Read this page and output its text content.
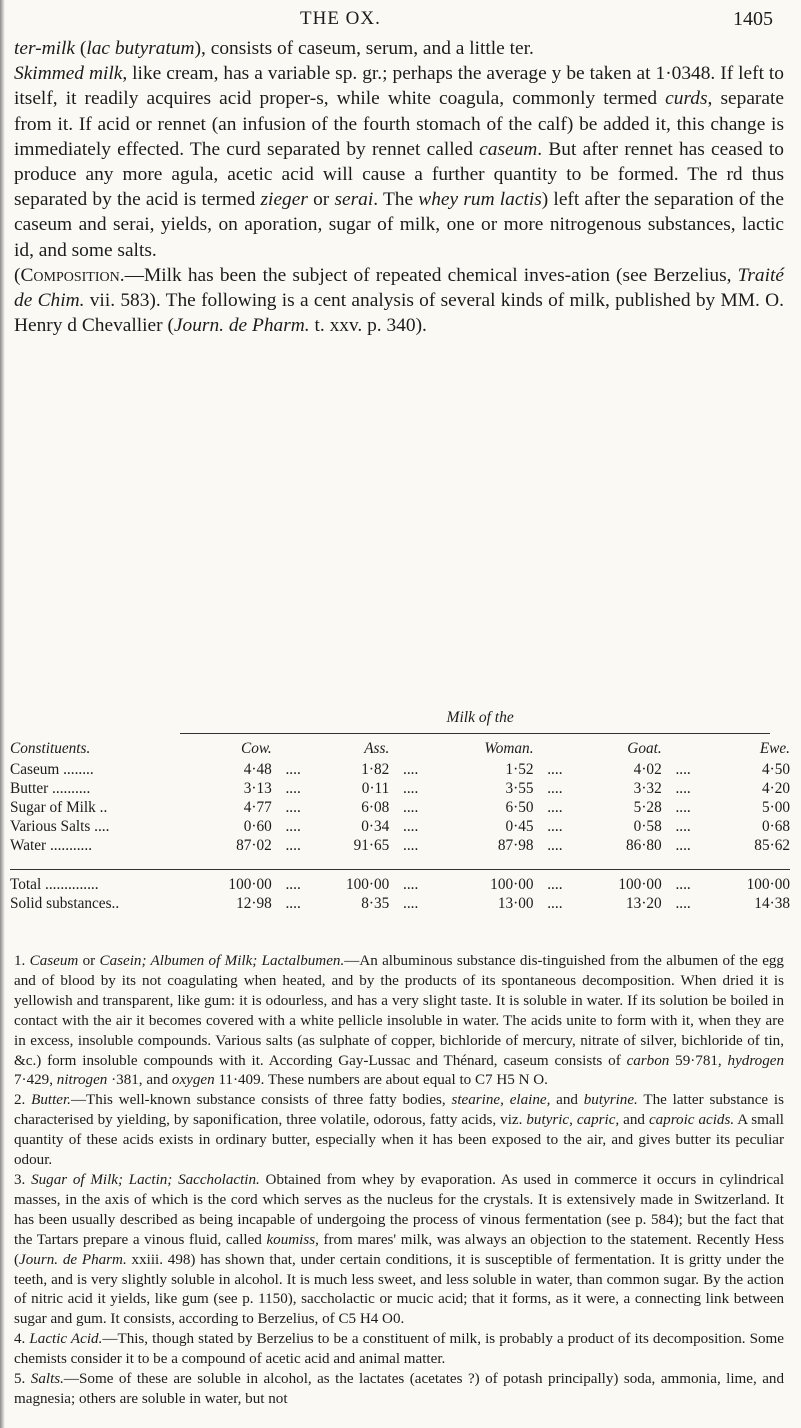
THE OX.	1405

ter-milk (lac butyratum), consists of caseum, serum, and a little ter.

Skimmed milk, like cream, has a variable sp. gr.; perhaps the average y be taken at 1·0348. If left to itself, it readily acquires acid proper-s, while white coagula, commonly termed curds, separate from it. If acid or rennet (an infusion of the fourth stomach of the calf) be added it, this change is immediately effected. The curd separated by rennet called caseum. But after rennet has ceased to produce any more agula, acetic acid will cause a further quantity to be formed. The rd thus separated by the acid is termed zieger or serai. The whey rum lactis) left after the separation of the caseum and serai, yields, on aporation, sugar of milk, one or more nitrogenous substances, lactic id, and some salts.

(Composition.—Milk has been the subject of repeated chemical inves-ation (see Berzelius, Traité de Chim. vii. 583). The following is a cent analysis of several kinds of milk, published by MM. O. Henry d Chevallier (Journ. de Pharm. t. xxv. p. 340).

	Milk of the								

Constituents.	Cow.		Ass.		Woman.		Goat.		Ewe.
Caseum ........	4·48	....	1·82	....	1·52	....	4·02	....	4·50
Butter ..........	3·13	....	0·11	....	3·55	....	3·32	....	4·20
Sugar of Milk ..	4·77	....	6·08	....	6·50	....	5·28	....	5·00
Various Salts ....	0·60	....	0·34	....	0·45	....	0·58	....	0·68
Water ...........	87·02	....	91·65	....	87·98	....	86·80	....	85·62

Total ..............	100·00	....	100·00	....	100·00	....	100·00	....	100·00
Solid substances..	12·98	....	8·35	....	13·00	....	13·20	....	14·38

1. Caseum or Casein; Albumen of Milk; Lactalbumen.—An albuminous substance dis-tinguished from the albumen of the egg and of blood by its not coagulating when heated, and by the products of its spontaneous decomposition. When dried it is yellowish and transparent, like gum: it is odourless, and has a very slight taste. It is soluble in water. If its solution be boiled in contact with the air it becomes covered with a white pellicle insoluble in water. The acids unite to form with it, when they are in excess, insoluble compounds. Various salts (as sulphate of copper, bichloride of mercury, nitrate of silver, bichloride of tin, &c.) form insoluble compounds with it. According Gay-Lussac and Thénard, caseum consists of carbon 59·781, hydrogen 7·429, nitrogen ·381, and oxygen 11·409. These numbers are about equal to C7 H5 N O.

2. Butter.—This well-known substance consists of three fatty bodies, stearine, elaine, and butyrine. The latter substance is characterised by yielding, by saponification, three volatile, odorous, fatty acids, viz. butyric, capric, and caproic acids. A small quantity of these acids exists in ordinary butter, especially when it has been exposed to the air, and gives butter its peculiar odour.

3. Sugar of Milk; Lactin; Saccholactin. Obtained from whey by evaporation. As used in commerce it occurs in cylindrical masses, in the axis of which is the cord which serves as the nucleus for the crystals. It is extensively made in Switzerland. It has been usually described as being incapable of undergoing the process of vinous fermentation (see p. 584); but the fact that the Tartars prepare a vinous fluid, called koumiss, from mares' milk, was always an objection to the statement. Recently Hess (Journ. de Pharm. xxiii. 498) has shown that, under certain conditions, it is susceptible of fermentation. It is gritty under the teeth, and is very slightly soluble in alcohol. It is much less sweet, and less soluble in water, than common sugar. By the action of nitric acid it yields, like gum (see p. 1150), saccholactic or mucic acid; that it forms, as it were, a connecting link between sugar and gum. It consists, according to Berzelius, of C5 H4 O0.

4. Lactic Acid.—This, though stated by Berzelius to be a constituent of milk, is probably a product of its decomposition. Some chemists consider it to be a compound of acetic acid and animal matter.

5. Salts.—Some of these are soluble in alcohol, as the lactates (acetates ?) of potash principally) soda, ammonia, lime, and magnesia; others are soluble in water, but not
